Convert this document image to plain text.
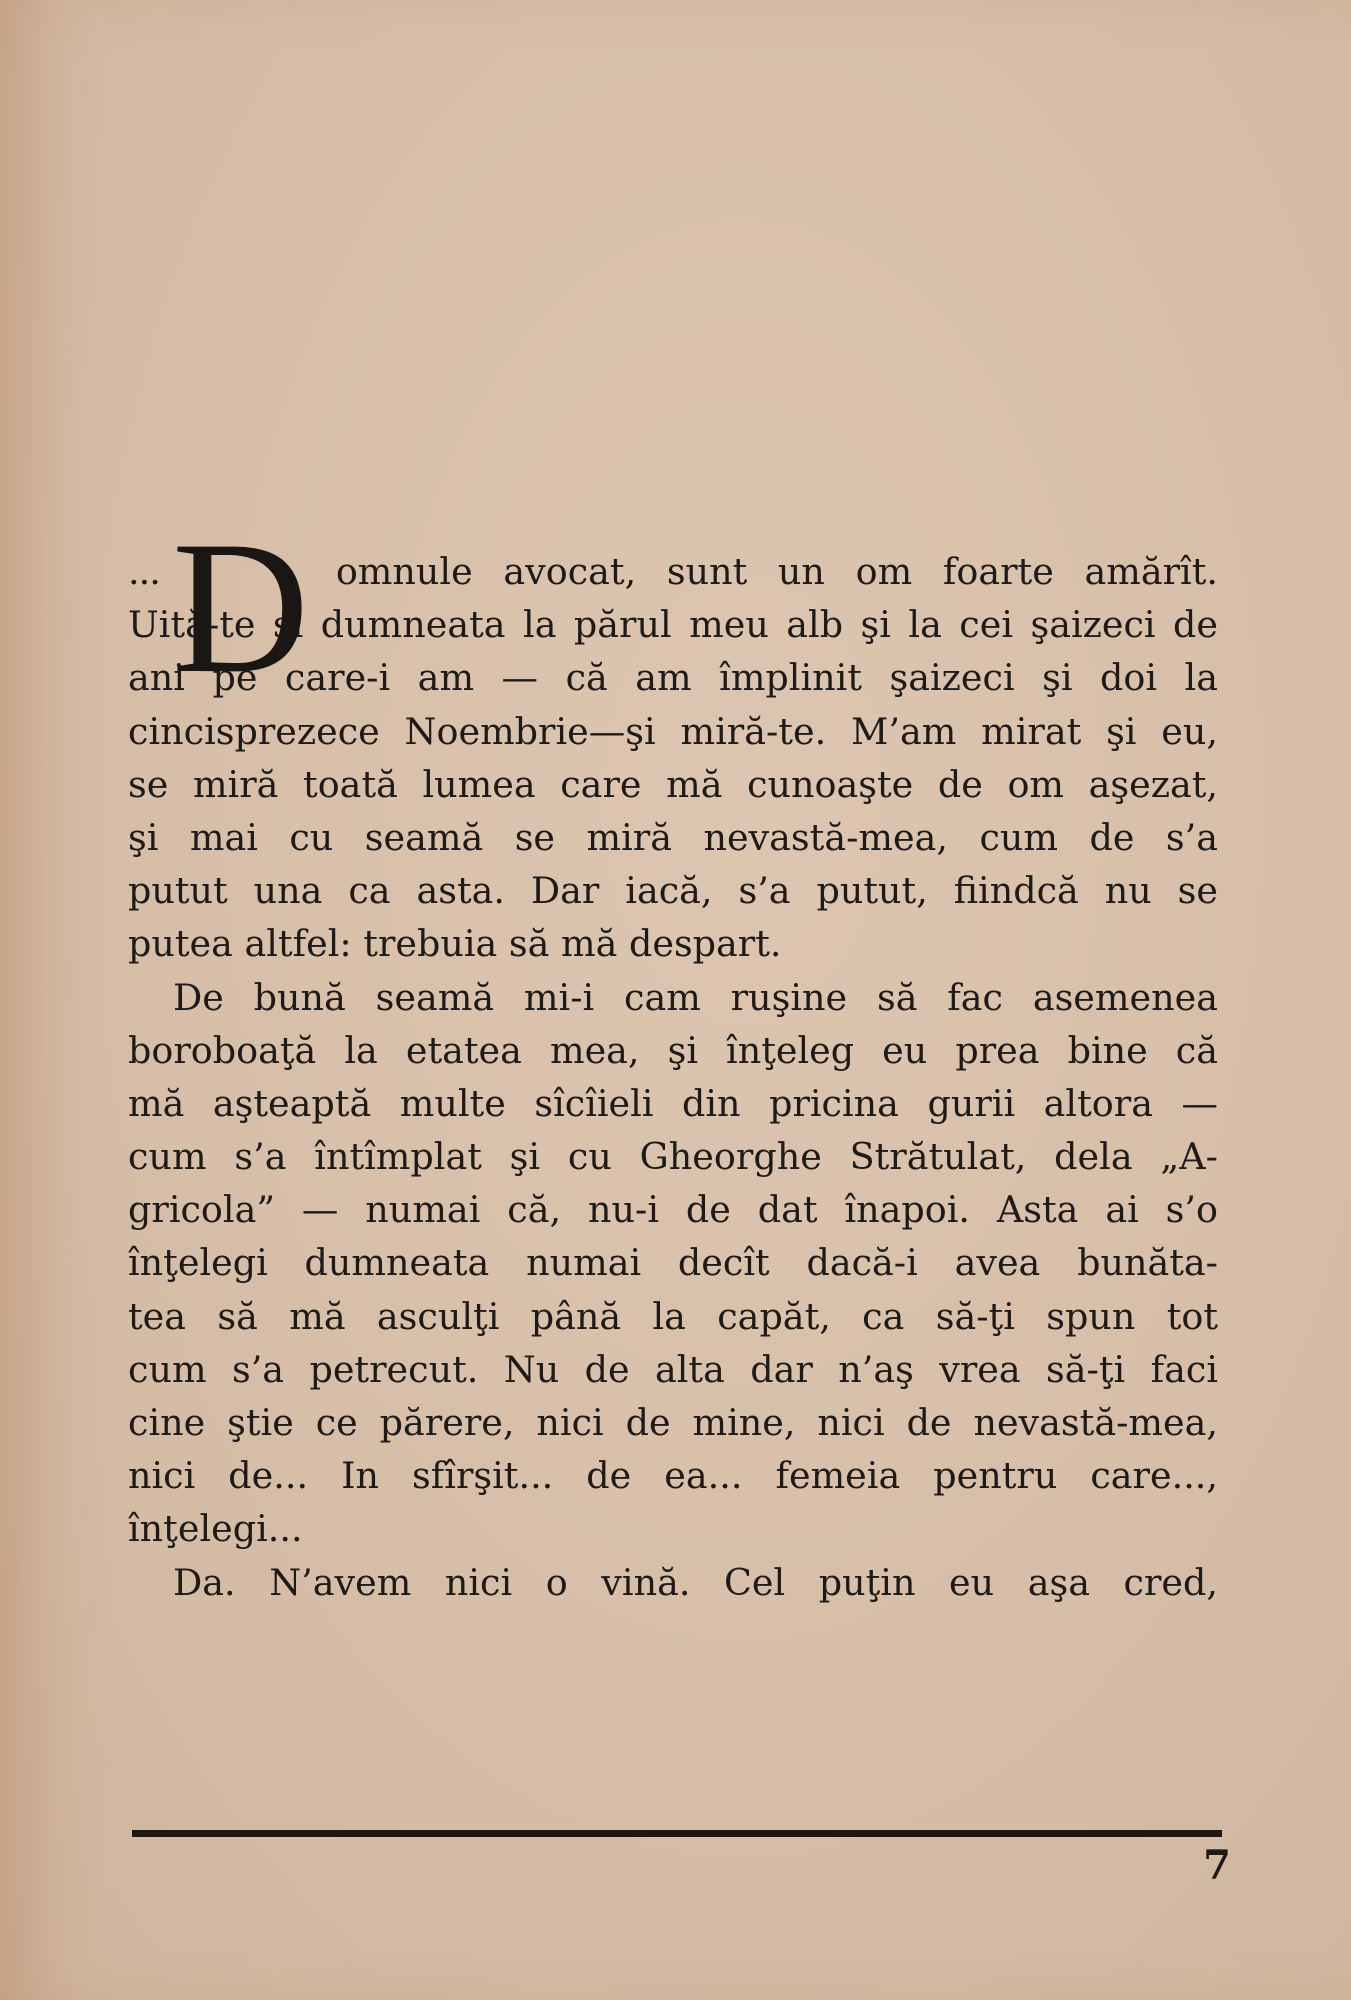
... D omnule avocat, sunt un om foarte amărît.
Uită-te şi dumneata la părul meu alb şi la cei şaizeci de
ani pe care-i am — că am împlinit şaizeci şi doi la
cincisprezece Noembrie—şi miră-te. M’am mirat şi eu,
se miră toată lumea care mă cunoaşte de om aşezat,
şi mai cu seamă se miră nevastă-mea, cum de s’a
putut una ca asta. Dar iacă, s’a putut, fiindcă nu se
putea altfel: trebuia să mă despart.
De bună seamă mi-i cam ruşine să fac asemenea
boroboaţă la etatea mea, şi înţeleg eu prea bine că
mă aşteaptă multe sîcîieli din pricina gurii altora —
cum s’a întîmplat şi cu Gheorghe Strătulat, dela „A-
gricola” — numai că, nu-i de dat înapoi. Asta ai s’o
înţelegi dumneata numai decît dacă-i avea bunăta-
tea să mă asculţi până la capăt, ca să-ţi spun tot
cum s’a petrecut. Nu de alta dar n’aş vrea să-ţi faci
cine ştie ce părere, nici de mine, nici de nevastă-mea,
nici de... In sfîrşit... de ea... femeia pentru care...,
înţelegi...
Da. N’avem nici o vină. Cel puţin eu aşa cred,
7
